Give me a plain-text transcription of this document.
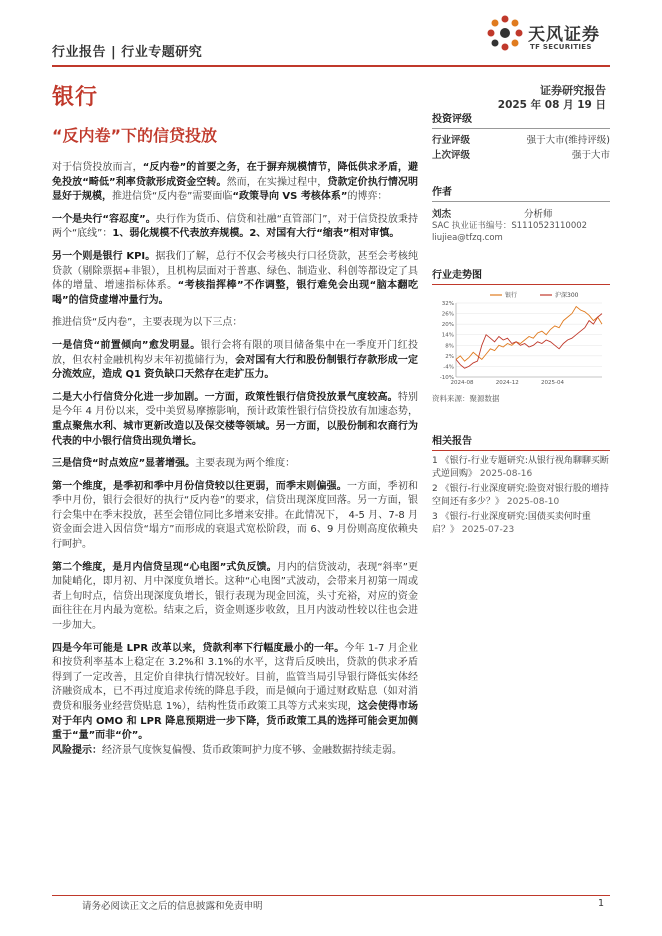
行业报告 | 行业专题研究
天风证券
TF SECURITIES
银行	证券研究报告
2025 年 08 月 19 日
“反内卷”下的信贷投放

对于信贷投放而言，“反内卷”的首要之务，在于摒弃规模情节，降低供求矛盾，避免投放“畸低”利率贷款形成资金空转。然而，在实操过程中，贷款定价执行情况明显好于规模，推进信贷“反内卷”需要面临“政策导向 VS 考核体系”的博弈：

一个是央行“容忍度”。央行作为货币、信贷和社融“直管部门”，对于信贷投放秉持两个“底线”：1、弱化规模不代表放弃规模。2、对国有大行“缩表”相对审慎。

另一个则是银行 KPI。据我们了解，总行不仅会考核央行口径贷款，甚至会考核纯贷款（剔除票据+非银），且机构层面对于普惠、绿色、制造业、科创等都设定了具体的增量、增速指标体系。“考核指挥棒”不作调整，银行难免会出现“脑本翻吃喝”的信贷虚增冲量行为。

推进信贷“反内卷”，主要表现为以下三点：

一是信贷“前置倾向”愈发明显。银行会将有限的项目储备集中在一季度开门红投放，但农村金融机构岁末年初揽储行为，会对国有大行和股份制银行存款形成一定分流效应，造成 Q1 资负缺口天然存在走扩压力。

二是大小行信贷分化进一步加剧。一方面，政策性银行信贷投放景气度较高。特别是今年 4 月份以来，受中美贸易摩擦影响，预计政策性银行信贷投放有加速态势，重点聚焦水利、城市更新改造以及保交楼等领域。另一方面，以股份制和农商行为代表的中小银行信贷出现负增长。

三是信贷“时点效应”显著增强。主要表现为两个维度：

第一个维度，是季初和季中月份信贷较以往更弱，而季末则偏强。一方面，季初和季中月份，银行会很好的执行“反内卷”的要求，信贷出现深度回落。另一方面，银行会集中在季末投放，甚至会错位同比多增来安排。在此情况下， 4-5 月、7-8 月资金面会进入因信贷“塌方”而形成的衰退式宽松阶段，而 6、9 月份则高度依赖央行呵护。

第二个维度，是月内信贷呈现“心电图”式负反馈。月内的信贷波动，表现“斜率”更加陡峭化，即月初、月中深度负增长。这种“心电图”式波动，会带来月初第一周或者上旬时点，信贷出现深度负增长，银行表现为现金回流，头寸充裕，对应的资金面往往在月内最为宽松。结束之后，资金则逐步收敛，且月内波动性较以往也会进一步加大。

四是今年可能是 LPR 改革以来，贷款利率下行幅度最小的一年。今年 1-7 月企业和按贷利率基本上稳定在 3.2%和 3.1%的水平，这背后反映出，贷款的供求矛盾得到了一定改善，且定价自律执行情况较好。目前，监管当局引导银行降低实体经济融资成本，已不再过度追求传统的降息手段，而是倾向于通过财政贴息（如对消费贷和服务业经营贷贴息 1%），结构性货币政策工具等方式来实现，这会使得市场对于年内 OMO 和 LPR 降息预期进一步下降，货币政策工具的选择可能会更加侧重于“量”而非“价”。

风险提示：经济景气度恢复偏慢、货币政策呵护力度不够、金融数据持续走弱。

投资评级
行业评级	强于大市(维持评级)
上次评级	强于大市
作者
刘杰	分析师
SAC 执业证书编号：S1110523110002
liujiea@tfzq.com
行业走势图
-10%
-4%
2%
8%
14%
20%
26%
32%
2024-08	2024-12	2025-04
银行	沪深300
资料来源：聚源数据
相关报告
1 《银行-行业专题研究:从银行视角聊聊买断式逆回购》 2025-08-16
2 《银行-行业深度研究:险资对银行股的增持空间还有多少？》 2025-08-10
3 《银行-行业深度研究:国债买卖何时重启？》 2025-07-23
请务必阅读正文之后的信息披露和免责申明	1
